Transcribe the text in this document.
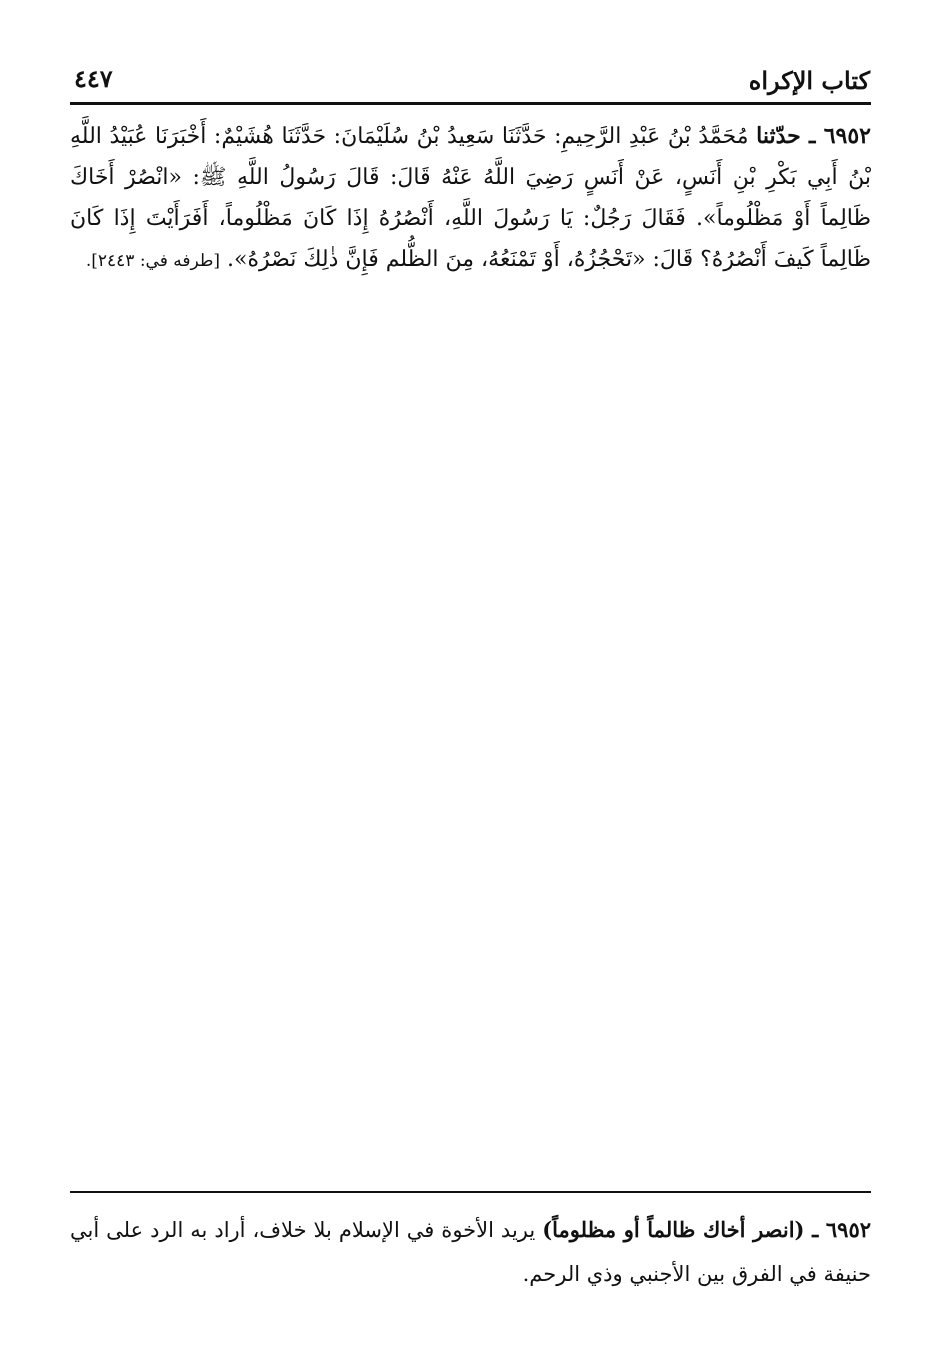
كتاب الإكراه
٤٤٧
٦٩٥٢ ـ حدّثنا مُحَمَّدُ بْنُ عَبْدِ الرَّحِيمِ: حَدَّثَنَا سَعِيدُ بْنُ سُلَيْمَانَ: حَدَّثَنَا هُشَيْمٌ: أَخْبَرَنَا عُبَيْدُ اللَّهِ بْنُ أَبِي بَكْرِ بْنِ أَنَسٍ، عَنْ أَنَسٍ رَضِيَ اللَّهُ عَنْهُ قَالَ: قَالَ رَسُولُ اللَّهِ ﷺ: «انْصُرْ أَخَاكَ ظَالِماً أَوْ مَظْلُوماً». فَقَالَ رَجُلٌ: يَا رَسُولَ اللَّهِ، أَنْصُرُهُ إِذَا كَانَ مَظْلُوماً، أَفَرَأَيْتَ إِذَا كَانَ ظَالِماً كَيفَ أَنْصُرُهُ؟ قَالَ: «تَحْجُزُهُ، أَوْ تَمْنَعُهُ، مِنَ الظُّلم فَإِنَّ ذٰلِكَ نَصْرُهُ». [طرفه في: ٢٤٤٣].
٦٩٥٢ ـ (انصر أخاك ظالماً أو مظلوماً) يريد الأخوة في الإسلام بلا خلاف، أراد به الرد على أبي حنيفة في الفرق بين الأجنبي وذي الرحم.
